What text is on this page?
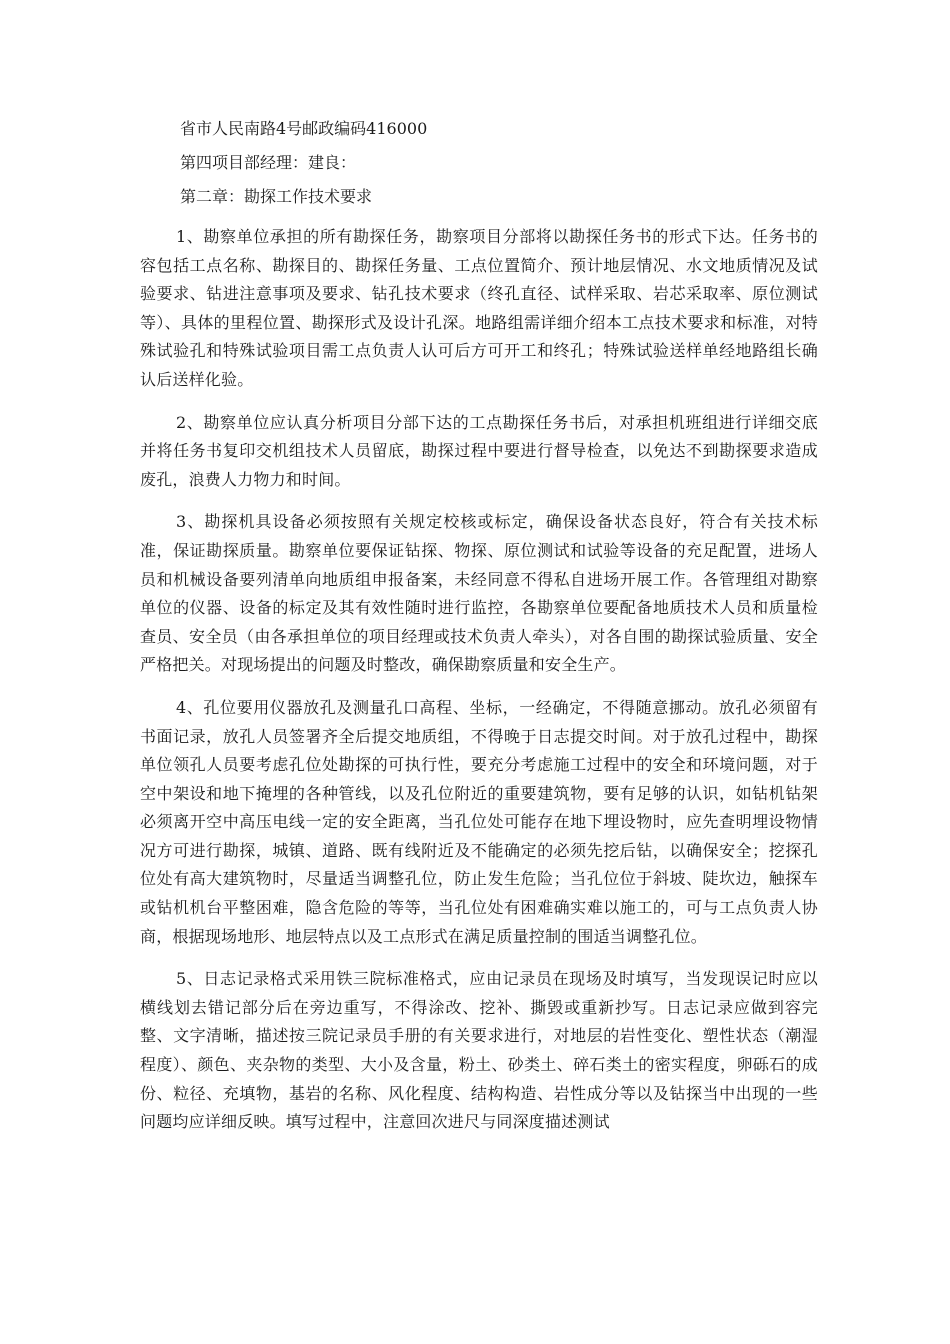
省市人民南路4号邮政编码416000

第四项目部经理：建良：

第二章：勘探工作技术要求

1、勘察单位承担的所有勘探任务，勘察项目分部将以勘探任务书的形式下达。任务书的容包括工点名称、勘探目的、勘探任务量、工点位置简介、预计地层情况、水文地质情况及试验要求、钻进注意事项及要求、钻孔技术要求（终孔直径、试样采取、岩芯采取率、原位测试等）、具体的里程位置、勘探形式及设计孔深。地路组需详细介绍本工点技术要求和标准，对特殊试验孔和特殊试验项目需工点负责人认可后方可开工和终孔；特殊试验送样单经地路组长确认后送样化验。

2、勘察单位应认真分析项目分部下达的工点勘探任务书后，对承担机班组进行详细交底并将任务书复印交机组技术人员留底，勘探过程中要进行督导检查，以免达不到勘探要求造成废孔，浪费人力物力和时间。

3、勘探机具设备必须按照有关规定校核或标定，确保设备状态良好，符合有关技术标准，保证勘探质量。勘察单位要保证钻探、物探、原位测试和试验等设备的充足配置，进场人员和机械设备要列清单向地质组申报备案，未经同意不得私自进场开展工作。各管理组对勘察单位的仪器、设备的标定及其有效性随时进行监控，各勘察单位要配备地质技术人员和质量检查员、安全员（由各承担单位的项目经理或技术负责人牵头），对各自围的勘探试验质量、安全严格把关。对现场提出的问题及时整改，确保勘察质量和安全生产。

4、孔位要用仪器放孔及测量孔口高程、坐标，一经确定，不得随意挪动。放孔必须留有书面记录，放孔人员签署齐全后提交地质组，不得晚于日志提交时间。对于放孔过程中，勘探单位领孔人员要考虑孔位处勘探的可执行性，要充分考虑施工过程中的安全和环境问题，对于空中架设和地下掩埋的各种管线，以及孔位附近的重要建筑物，要有足够的认识，如钻机钻架必须离开空中高压电线一定的安全距离，当孔位处可能存在地下埋设物时，应先查明埋设物情况方可进行勘探，城镇、道路、既有线附近及不能确定的必须先挖后钻，以确保安全；挖探孔位处有高大建筑物时，尽量适当调整孔位，防止发生危险；当孔位位于斜坡、陡坎边，触探车或钻机机台平整困难，隐含危险的等等，当孔位处有困难确实难以施工的，可与工点负责人协商，根据现场地形、地层特点以及工点形式在满足质量控制的围适当调整孔位。

5、日志记录格式采用铁三院标准格式，应由记录员在现场及时填写，当发现误记时应以横线划去错记部分后在旁边重写，不得涂改、挖补、撕毁或重新抄写。日志记录应做到容完整、文字清晰，描述按三院记录员手册的有关要求进行，对地层的岩性变化、塑性状态（潮湿程度）、颜色、夹杂物的类型、大小及含量，粉土、砂类土、碎石类土的密实程度，卵砾石的成份、粒径、充填物，基岩的名称、风化程度、结构构造、岩性成分等以及钻探当中出现的一些问题均应详细反映。填写过程中，注意回次进尺与同深度描述测试
